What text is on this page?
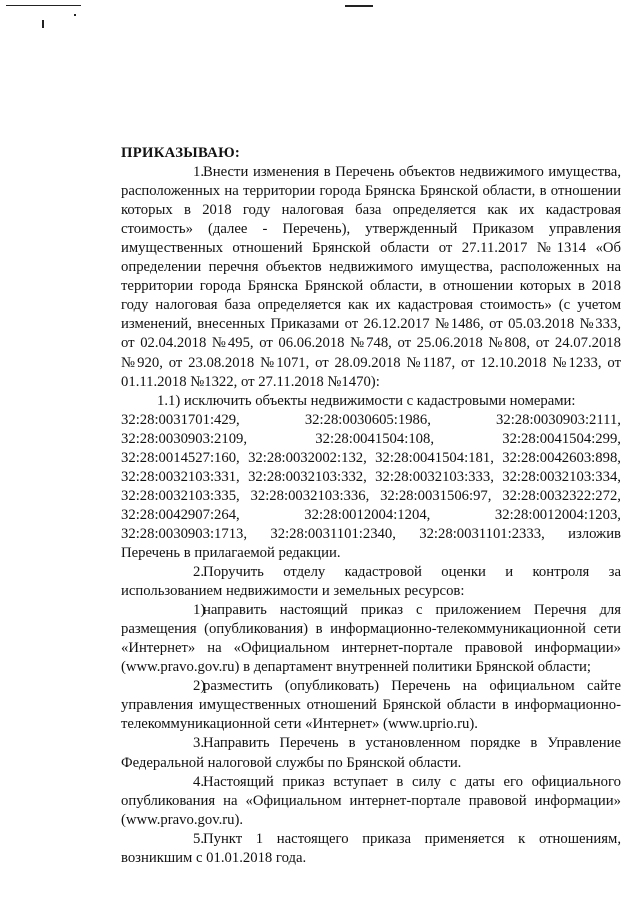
ПРИКАЗЫВАЮ:

1.Внести изменения в Перечень объектов недвижимого имущества, расположенных на территории города Брянска Брянской области, в отношении которых в 2018 году налоговая база определяется как их кадастровая стоимость» (далее - Перечень), утвержденный Приказом управления имущественных отношений Брянской области от 27.11.2017 №1314 «Об определении перечня объектов недвижимого имущества, расположенных на территории города Брянска Брянской области, в отношении которых в 2018 году налоговая база определяется как их кадастровая стоимость» (с учетом изменений, внесенных Приказами от 26.12.2017 №1486, от 05.03.2018 №333, от 02.04.2018 №495, от 06.06.2018 №748, от 25.06.2018 №808, от 24.07.2018 №920, от 23.08.2018 №1071, от 28.09.2018 №1187, от 12.10.2018 №1233, от 01.11.2018 №1322, от 27.11.2018 №1470):

1.1) исключить объекты недвижимости с кадастровыми номерами:

32:28:0031701:429,	32:28:0030605:1986,	32:28:0030903:2111,
32:28:0030903:2109,	32:28:0041504:108,	32:28:0041504:299,
32:28:0014527:160, 32:28:0032002:132, 32:28:0041504:181, 32:28:0042603:898,
32:28:0032103:331, 32:28:0032103:332, 32:28:0032103:333, 32:28:0032103:334,
32:28:0032103:335, 32:28:0032103:336, 32:28:0031506:97, 32:28:0032322:272,
32:28:0042907:264,	32:28:0012004:1204,	32:28:0012004:1203,
32:28:0030903:1713, 32:28:0031101:2340, 32:28:0031101:2333, изложив

Перечень в прилагаемой редакции.

2.Поручить отделу кадастровой оценки и контроля за использованием недвижимости и земельных ресурсов:

1)направить настоящий приказ с приложением Перечня для размещения (опубликования) в информационно-телекоммуникационной сети «Интернет» на «Официальном интернет-портале правовой информации» (www.pravo.gov.ru) в департамент внутренней политики Брянской области;

2)разместить (опубликовать) Перечень на официальном сайте управления имущественных отношений Брянской области в информационно-телекоммуникационной сети «Интернет» (www.uprio.ru).

3.Направить Перечень в установленном порядке в Управление Федеральной налоговой службы по Брянской области.

4.Настоящий приказ вступает в силу с даты его официального опубликования на «Официальном интернет-портале правовой информации» (www.pravo.gov.ru).

5.Пункт 1 настоящего приказа применяется к отношениям, возникшим с 01.01.2018 года.
